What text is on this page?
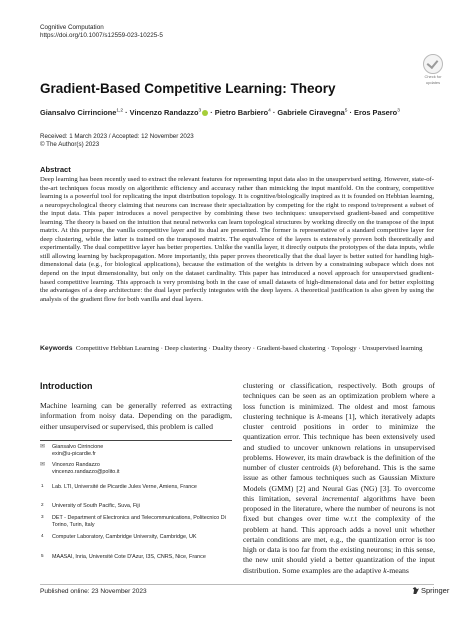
Cognitive Computation
https://doi.org/10.1007/s12559-023-10225-5
Check for
updates
Gradient-Based Competitive Learning: Theory
Giansalvo Cirrincione$^{1,2}$ · Vincenzo Randazzo$^3$ · Pietro Barbiero$^4$ · Gabriele Ciravegna$^5$ · Eros Pasero$^3$
Received: 1 March 2023 / Accepted: 12 November 2023
© The Author(s) 2023
Abstract
Deep learning has been recently used to extract the relevant features for representing input data also in the unsupervised setting. However, state-of-the-art techniques focus mostly on algorithmic efficiency and accuracy rather than mimicking the input manifold. On the contrary, competitive learning is a powerful tool for replicating the input distribution topology. It is cognitive/biologically inspired as it is founded on Hebbian learning, a neuropsychological theory claiming that neurons can increase their specialization by competing for the right to respond to/represent a subset of the input data. This paper introduces a novel perspective by combining these two techniques: unsupervised gradient-based and competitive learning. The theory is based on the intuition that neural networks can learn topological structures by working directly on the transpose of the input matrix. At this purpose, the vanilla competitive layer and its dual are presented. The former is representative of a standard competitive layer for deep clustering, while the latter is trained on the transposed matrix. The equivalence of the layers is extensively proven both theoretically and experimentally. The dual competitive layer has better properties. Unlike the vanilla layer, it directly outputs the prototypes of the data inputs, while still allowing learning by backpropagation. More importantly, this paper proves theoretically that the dual layer is better suited for handling high-dimensional data (e.g., for biological applications), because the estimation of the weights is driven by a constraining subspace which does not depend on the input dimensionality, but only on the dataset cardinality. This paper has introduced a novel approach for unsupervised gradient-based competitive learning. This approach is very promising both in the case of small datasets of high-dimensional data and for better exploiting the advantages of a deep architecture: the dual layer perfectly integrates with the deep layers. A theoretical justification is also given by using the analysis of the gradient flow for both vanilla and dual layers.
Keywords Competitive Hebbian Learning · Deep clustering · Duality theory · Gradient-based clustering · Topology · Unsupervised learning
Introduction
Machine learning can be generally referred as extracting information from noisy data. Depending on the paradigm, either unsupervised or supervised, this problem is called
clustering or classification, respectively. Both groups of techniques can be seen as an optimization problem where a loss function is minimized. The oldest and most famous clustering technique is k-means [1], which iteratively adapts cluster centroid positions in order to minimize the quantization error. This technique has been extensively used and studied to uncover unknown relations in unsupervised problems. However, its main drawback is the definition of the number of cluster centroids (k) beforehand. This is the same issue as other famous techniques such as Gaussian Mixture Models (GMM) [2] and Neural Gas (NG) [3]. To overcome this limitation, several incremental algorithms have been proposed in the literature, where the number of neurons is not fixed but changes over time w.r.t the complexity of the problem at hand. This approach adds a novel unit whether certain conditions are met, e.g., the quantization error is too high or data is too far from the existing neurons; in this sense, the new unit should yield a better quantization of the input distribution. Some examples are the adaptive k-means
✉ Giansalvo Cirrincione
exin@u-picardie.fr
✉ Vincenzo Randazzo
vincenzo.randazzo@polito.it
1 Lab. LTI, Université de Picardie Jules Verne, Amiens, France
2 University of South Pacific, Suva, Fiji
3 DET - Department of Electronics and Telecommunications, Politecnico Di Torino, Turin, Italy
4 Computer Laboratory, Cambridge University, Cambridge, UK
5 MAASAI, Inria, Université Cote D'Azur, I3S, CNRS, Nice, France
Published online: 23 November 2023	Springer
